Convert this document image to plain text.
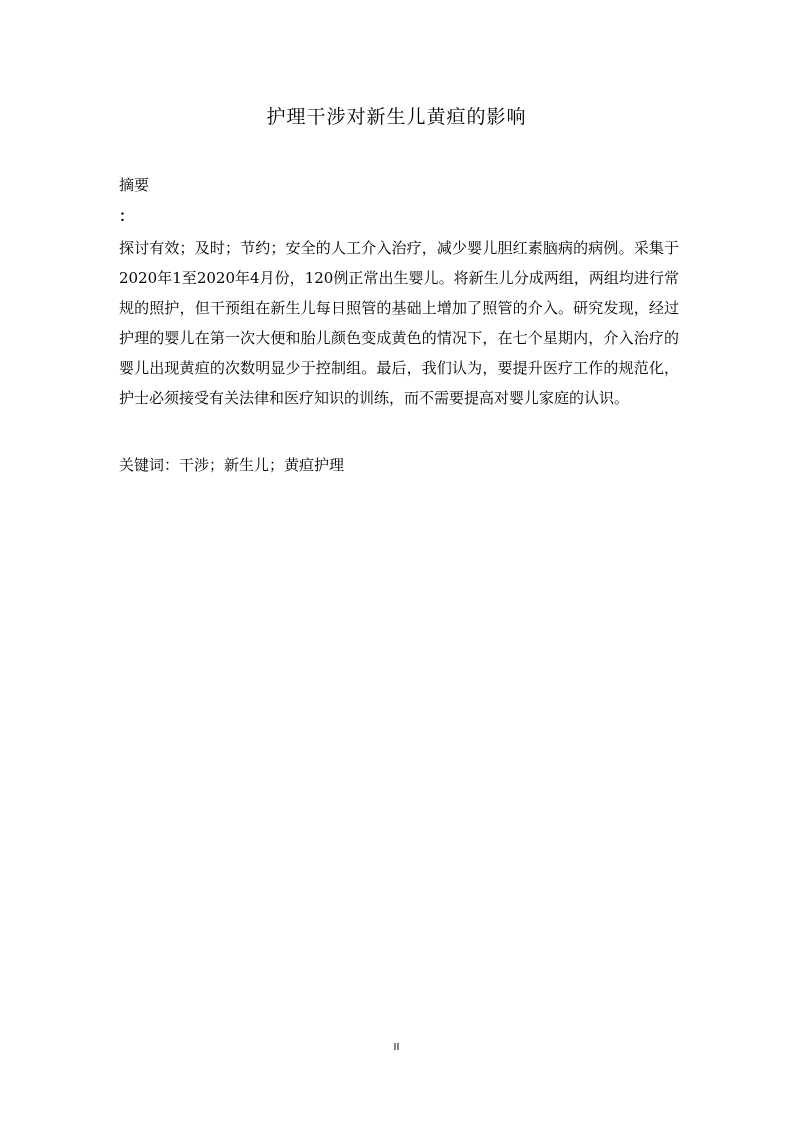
护理干涉对新生儿黄疸的影响
摘要
：

探讨有效；及时；节约；安全的人工介入治疗，减少婴儿胆红素脑病的病例。采集于2020年1至2020年4月份，120例正常出生婴儿。将新生儿分成两组，两组均进行常规的照护，但干预组在新生儿每日照管的基础上增加了照管的介入。研究发现，经过护理的婴儿在第一次大便和胎儿颜色变成黄色的情况下，在七个星期内，介入治疗的婴儿出现黄疸的次数明显少于控制组。最后，我们认为，要提升医疗工作的规范化，护士必须接受有关法律和医疗知识的训练，而不需要提高对婴儿家庭的认识。

关键词：干涉；新生儿；黄疸护理
II
